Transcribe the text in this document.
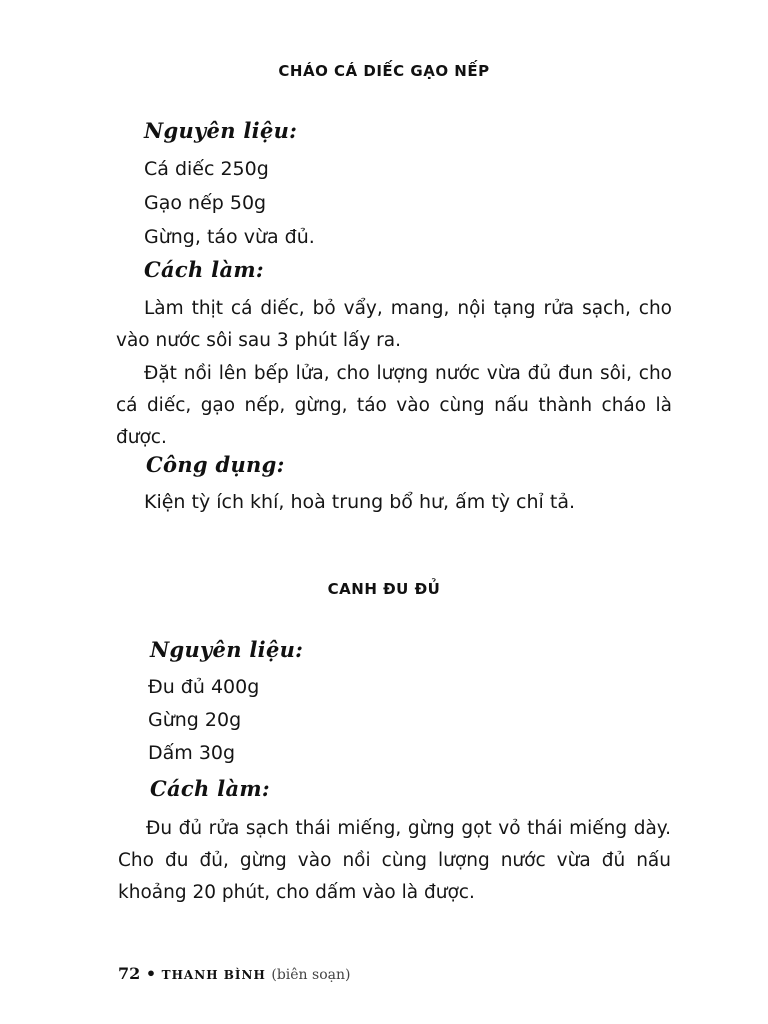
CHÁO CÁ DIẾC GẠO NẾP
Nguyên liệu:

Cá diếc 250g

Gạo nếp 50g

Gừng, táo vừa đủ.

Cách làm:

Làm thịt cá diếc, bỏ vẩy, mang, nội tạng rửa sạch, cho vào nước sôi sau 3 phút lấy ra.

Đặt nồi lên bếp lửa, cho lượng nước vừa đủ đun sôi, cho cá diếc, gạo nếp, gừng, táo vào cùng nấu thành cháo là được.

Công dụng:

Kiện tỳ ích khí, hoà trung bổ hư, ấm tỳ chỉ tả.

CANH ĐU ĐỦ
Nguyên liệu:

Đu đủ 400g

Gừng 20g

Dấm 30g

Cách làm:

Đu đủ rửa sạch thái miếng, gừng gọt vỏ thái miếng dày. Cho đu đủ, gừng vào nồi cùng lượng nước vừa đủ nấu khoảng 20 phút, cho dấm vào là được.

72 • THANH BÌNH (biên soạn)
